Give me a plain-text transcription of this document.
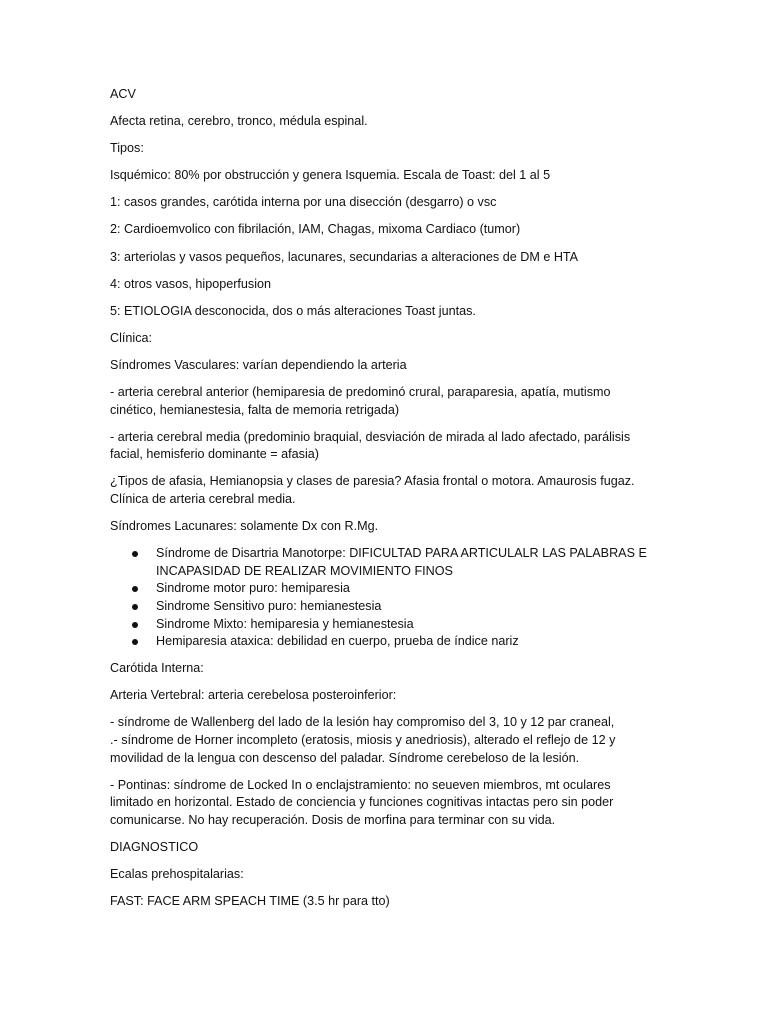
ACV

Afecta retina, cerebro, tronco, médula espinal.

Tipos:

Isquémico: 80% por obstrucción y genera Isquemia. Escala de Toast: del 1 al 5

1: casos grandes, carótida interna por una disección (desgarro) o vsc

2: Cardioemvolico con fibrilación, IAM, Chagas, mixoma Cardiaco (tumor)

3: arteriolas y vasos pequeños, lacunares, secundarias a alteraciones de DM e HTA

4: otros vasos, hipoperfusion

5: ETIOLOGIA desconocida, dos o más alteraciones Toast juntas.

Clínica:

Síndromes Vasculares: varían dependiendo la arteria

- arteria cerebral anterior (hemiparesia de predominó crural, paraparesia, apatía, mutismo cinético, hemianestesia, falta de memoria retrigada)

- arteria cerebral media (predominio braquial, desviación de mirada al lado afectado, parálisis facial, hemisferio dominante = afasia)

¿Tipos de afasia, Hemianopsia y clases de paresia? Afasia frontal o motora. Amaurosis fugaz. Clínica de arteria cerebral media.

Síndromes Lacunares: solamente Dx con R.Mg.

Síndrome de Disartria Manotorpe: DIFICULTAD PARA ARTICULALR LAS PALABRAS E INCAPASIDAD DE REALIZAR MOVIMIENTO FINOS
Sindrome motor puro: hemiparesia
Sindrome Sensitivo puro: hemianestesia
Sindrome Mixto: hemiparesia y hemianestesia
Hemiparesia ataxica: debilidad en cuerpo, prueba de índice nariz

Carótida Interna:

Arteria Vertebral: arteria cerebelosa posteroinferior:

- síndrome de Wallenberg del lado de la lesión hay compromiso del 3, 10 y 12 par craneal,
.- síndrome de Horner incompleto (eratosis, miosis y anedriosis), alterado el reflejo de 12 y movilidad de la lengua con descenso del paladar. Síndrome cerebeloso de la lesión.

- Pontinas: síndrome de Locked In o enclajstramiento: no seueven miembros, mt oculares limitado en horizontal. Estado de conciencia y funciones cognitivas intactas pero sin poder comunicarse. No hay recuperación. Dosis de morfina para terminar con su vida.

DIAGNOSTICO

Ecalas prehospitalarias:

FAST: FACE ARM SPEACH TIME (3.5 hr para tto)
